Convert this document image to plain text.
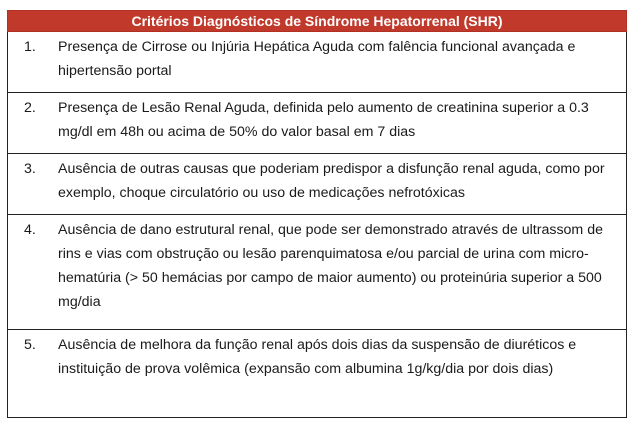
Critérios Diagnósticos de Síndrome Hepatorrenal (SHR)

1.	Presença de Cirrose ou Injúria Hepática Aguda com falência funcional avançada e hipertensão portal

2.	Presença de Lesão Renal Aguda, definida pelo aumento de creatinina superior a 0.3 mg/dl em 48h ou acima de 50% do valor basal em 7 dias

3.	Ausência de outras causas que poderiam predispor a disfunção renal aguda, como por exemplo, choque circulatório ou uso de medicações nefrotóxicas

4.	Ausência de dano estrutural renal, que pode ser demonstrado através de ultrassom de rins e vias com obstrução ou lesão parenquimatosa e/ou parcial de urina com micro-hematúria (> 50 hemácias por campo de maior aumento) ou proteinúria superior a 500 mg/dia

5.	Ausência de melhora da função renal após dois dias da suspensão de diuréticos e instituição de prova volêmica (expansão com albumina 1g/kg/dia por dois dias)
